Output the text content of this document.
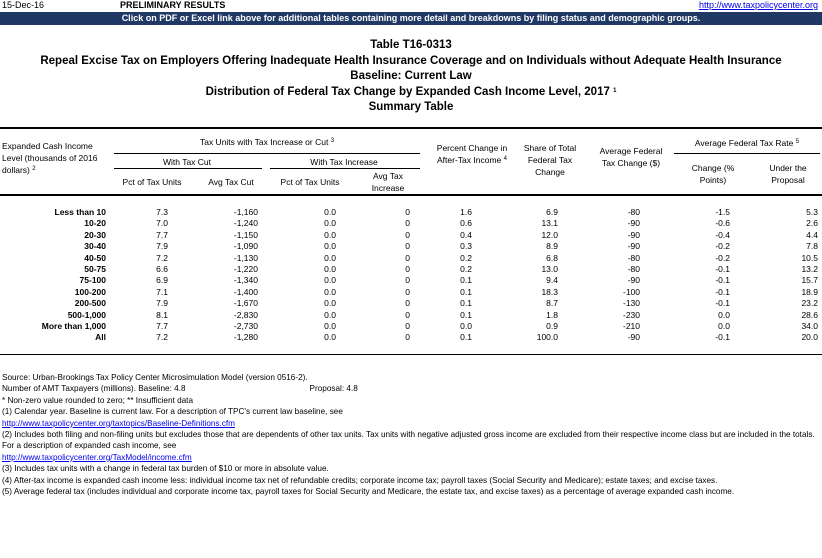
15-Dec-16	PRELIMINARY RESULTS	http://www.taxpolicycenter.org
Click on PDF or Excel link above for additional tables containing more detail and breakdowns by filing status and demographic groups.
Table T16-0313
Repeal Excise Tax on Employers Offering Inadequate Health Insurance Coverage and on Individuals without Adequate Health Insurance
Baseline: Current Law
Distribution of Federal Tax Change by Expanded Cash Income Level, 2017 $^1$
Summary Table
Expanded Cash Income Level (thousands of 2016 dollars) $^2$
Tax Units with Tax Increase or Cut $^3$
With Tax Cut	With Tax Increase
Pct of Tax Units	Avg Tax Cut	Pct of Tax Units
Avg Tax Increase
Percent Change in After-Tax Income $^4$
Share of Total Federal Tax Change
Average Federal Tax Change ($)
Average Federal Tax Rate $^5$
Change (% Points)
Under the Proposal
Less than 10	7.3	-1,160	0.0	0	1.6	6.9	-80	-1.5	5.3
10-20	7.0	-1,240	0.0	0	0.6	13.1	-90	-0.6	2.6
20-30	7.7	-1,150	0.0	0	0.4	12.0	-90	-0.4	4.4
30-40	7.9	-1,090	0.0	0	0.3	8.9	-90	-0.2	7.8
40-50	7.2	-1,130	0.0	0	0.2	6.8	-80	-0.2	10.5
50-75	6.6	-1,220	0.0	0	0.2	13.0	-80	-0.1	13.2
75-100	6.9	-1,340	0.0	0	0.1	9.4	-90	-0.1	15.7
100-200	7.1	-1,400	0.0	0	0.1	18.3	-100	-0.1	18.9
200-500	7.9	-1,670	0.0	0	0.1	8.7	-130	-0.1	23.2
500-1,000	8.1	-2,830	0.0	0	0.1	1.8	-230	0.0	28.6
More than 1,000	7.7	-2,730	0.0	0	0.0	0.9	-210	0.0	34.0
All	7.2	-1,280	0.0	0	0.1	100.0	-90	-0.1	20.0
Source: Urban-Brookings Tax Policy Center Microsimulation Model (version 0516-2).
Number of AMT Taxpayers (millions). Baseline: 4.8	Proposal: 4.8
* Non-zero value rounded to zero; ** Insufficient data
(1) Calendar year. Baseline is current law. For a description of TPC's current law baseline, see
http://www.taxpolicycenter.org/taxtopics/Baseline-Definitions.cfm
(2) Includes both filing and non-filing units but excludes those that are dependents of other tax units. Tax units with negative adjusted gross income are excluded from their respective income class but are included in the totals. For a description of expanded cash income, see
http://www.taxpolicycenter.org/TaxModel/income.cfm
(3) Includes tax units with a change in federal tax burden of $10 or more in absolute value.
(4) After-tax income is expanded cash income less: individual income tax net of refundable credits; corporate income tax; payroll taxes (Social Security and Medicare); estate taxes; and excise taxes.
(5) Average federal tax (includes individual and corporate income tax, payroll taxes for Social Security and Medicare, the estate tax, and excise taxes) as a percentage of average expanded cash income.
